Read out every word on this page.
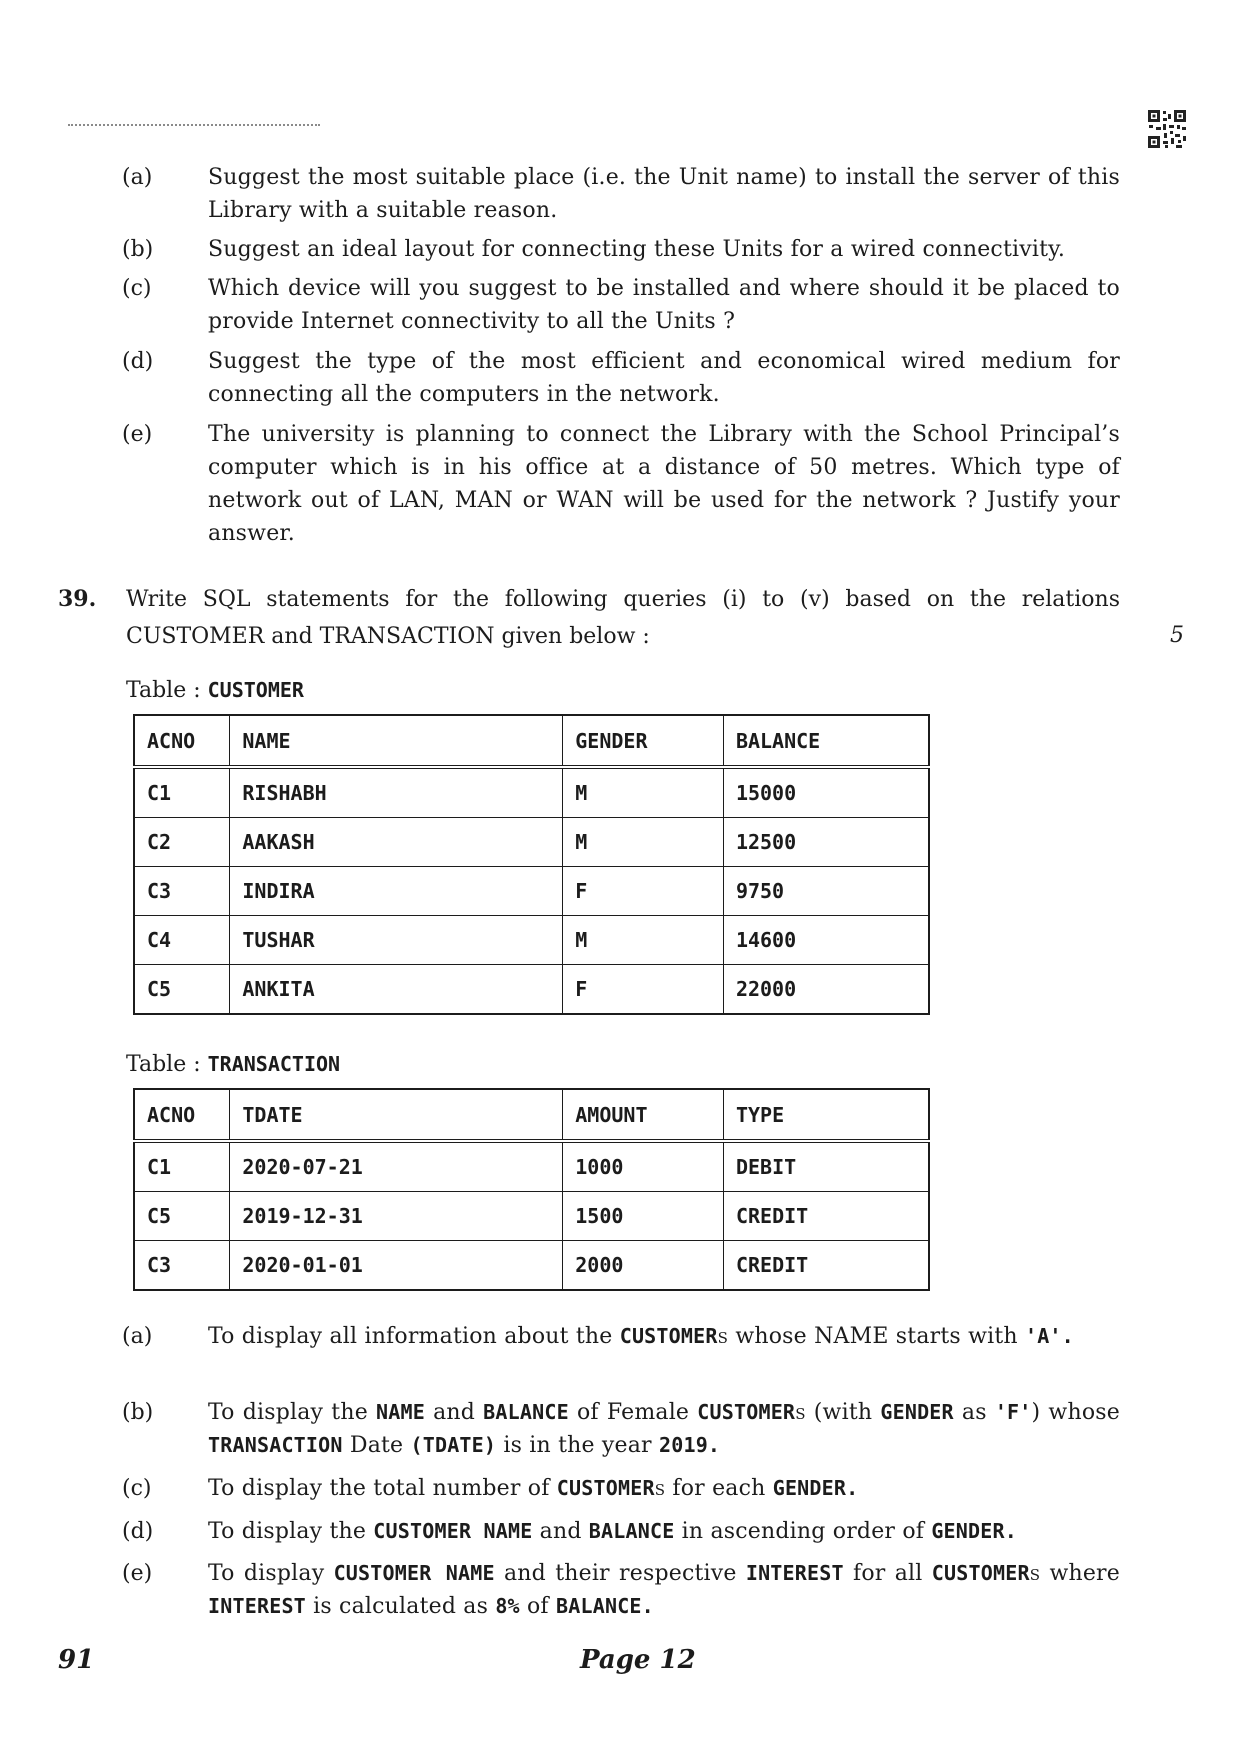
(a)	Suggest the most suitable place (i.e. the Unit name) to install the server of this Library with a suitable reason.
(b) Suggest an ideal layout for connecting these Units for a wired connectivity.
(c)	Which device will you suggest to be installed and where should it be placed to provide Internet connectivity to all the Units ?
(d) Suggest the type of the most efficient and economical wired medium for connecting all the computers in the network.
(e)	The university is planning to connect the Library with the School Principal’s computer which is in his office at a distance of 50 metres. Which type of network out of LAN, MAN or WAN will be used for the network ? Justify your answer.
39. Write SQL statements for the following queries (i) to (v) based on the relations CUSTOMER and TRANSACTION given below :	5
Table : CUSTOMER
ACNO	NAME	GENDER	BALANCE
C1	RISHABH	M	15000
C2	AAKASH	M	12500
C3	INDIRA	F	9750
C4	TUSHAR	M	14600
C5	ANKITA	F	22000
Table : TRANSACTION
ACNO	TDATE	AMOUNT	TYPE
C1	2020-07-21	1000	DEBIT
C5	2019-12-31	1500	CREDIT
C3	2020-01-01	2000	CREDIT
(a)	To display all information about the CUSTOMERs whose NAME starts with 'A'.
(b) To display the NAME and BALANCE of Female CUSTOMERs (with GENDER as 'F') whose TRANSACTION Date (TDATE) is in the year 2019.
(c)	To display the total number of CUSTOMERs for each GENDER.
(d) To display the CUSTOMER NAME and BALANCE in ascending order of GENDER.
(e)	To display CUSTOMER NAME and their respective INTEREST for all CUSTOMERs where INTEREST is calculated as 8% of BALANCE.
91	Page 12
